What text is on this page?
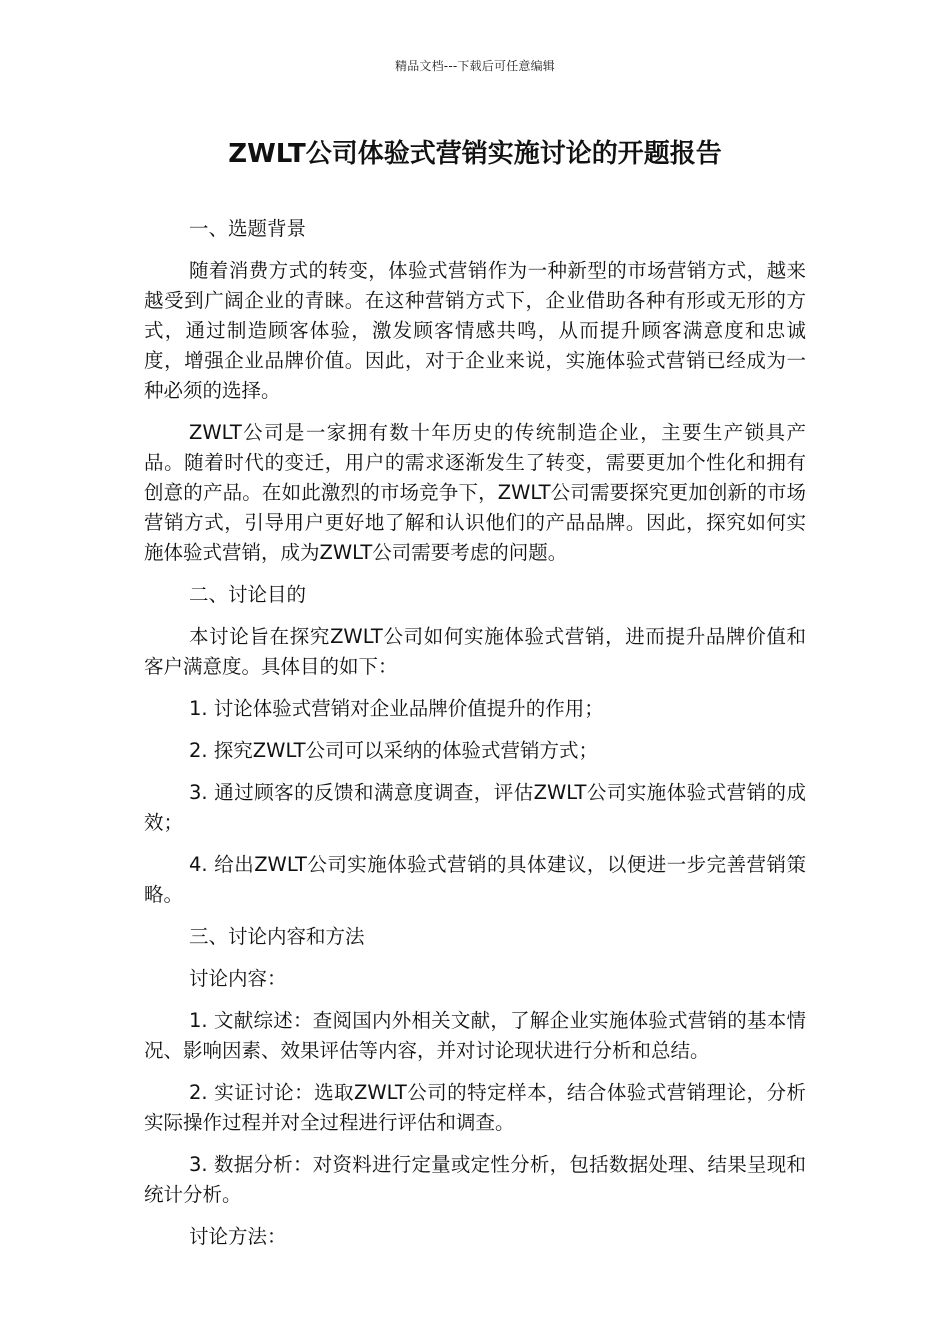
精品文档---下载后可任意编辑
ZWLT公司体验式营销实施讨论的开题报告

一、选题背景

随着消费方式的转变，体验式营销作为一种新型的市场营销方式，越来越受到广阔企业的青睐。在这种营销方式下，企业借助各种有形或无形的方式，通过制造顾客体验，激发顾客情感共鸣，从而提升顾客满意度和忠诚度，增强企业品牌价值。因此，对于企业来说，实施体验式营销已经成为一种必须的选择。

ZWLT公司是一家拥有数十年历史的传统制造企业，主要生产锁具产品。随着时代的变迁，用户的需求逐渐发生了转变，需要更加个性化和拥有创意的产品。在如此激烈的市场竞争下，ZWLT公司需要探究更加创新的市场营销方式，引导用户更好地了解和认识他们的产品品牌。因此，探究如何实施体验式营销，成为ZWLT公司需要考虑的问题。

二、讨论目的

本讨论旨在探究ZWLT公司如何实施体验式营销，进而提升品牌价值和客户满意度。具体目的如下：

1. 讨论体验式营销对企业品牌价值提升的作用；

2. 探究ZWLT公司可以采纳的体验式营销方式；

3. 通过顾客的反馈和满意度调查，评估ZWLT公司实施体验式营销的成效；

4. 给出ZWLT公司实施体验式营销的具体建议，以便进一步完善营销策略。

三、讨论内容和方法

讨论内容：

1. 文献综述：查阅国内外相关文献，了解企业实施体验式营销的基本情况、影响因素、效果评估等内容，并对讨论现状进行分析和总结。

2. 实证讨论：选取ZWLT公司的特定样本，结合体验式营销理论，分析实际操作过程并对全过程进行评估和调查。

3. 数据分析：对资料进行定量或定性分析，包括数据处理、结果呈现和统计分析。

讨论方法：
